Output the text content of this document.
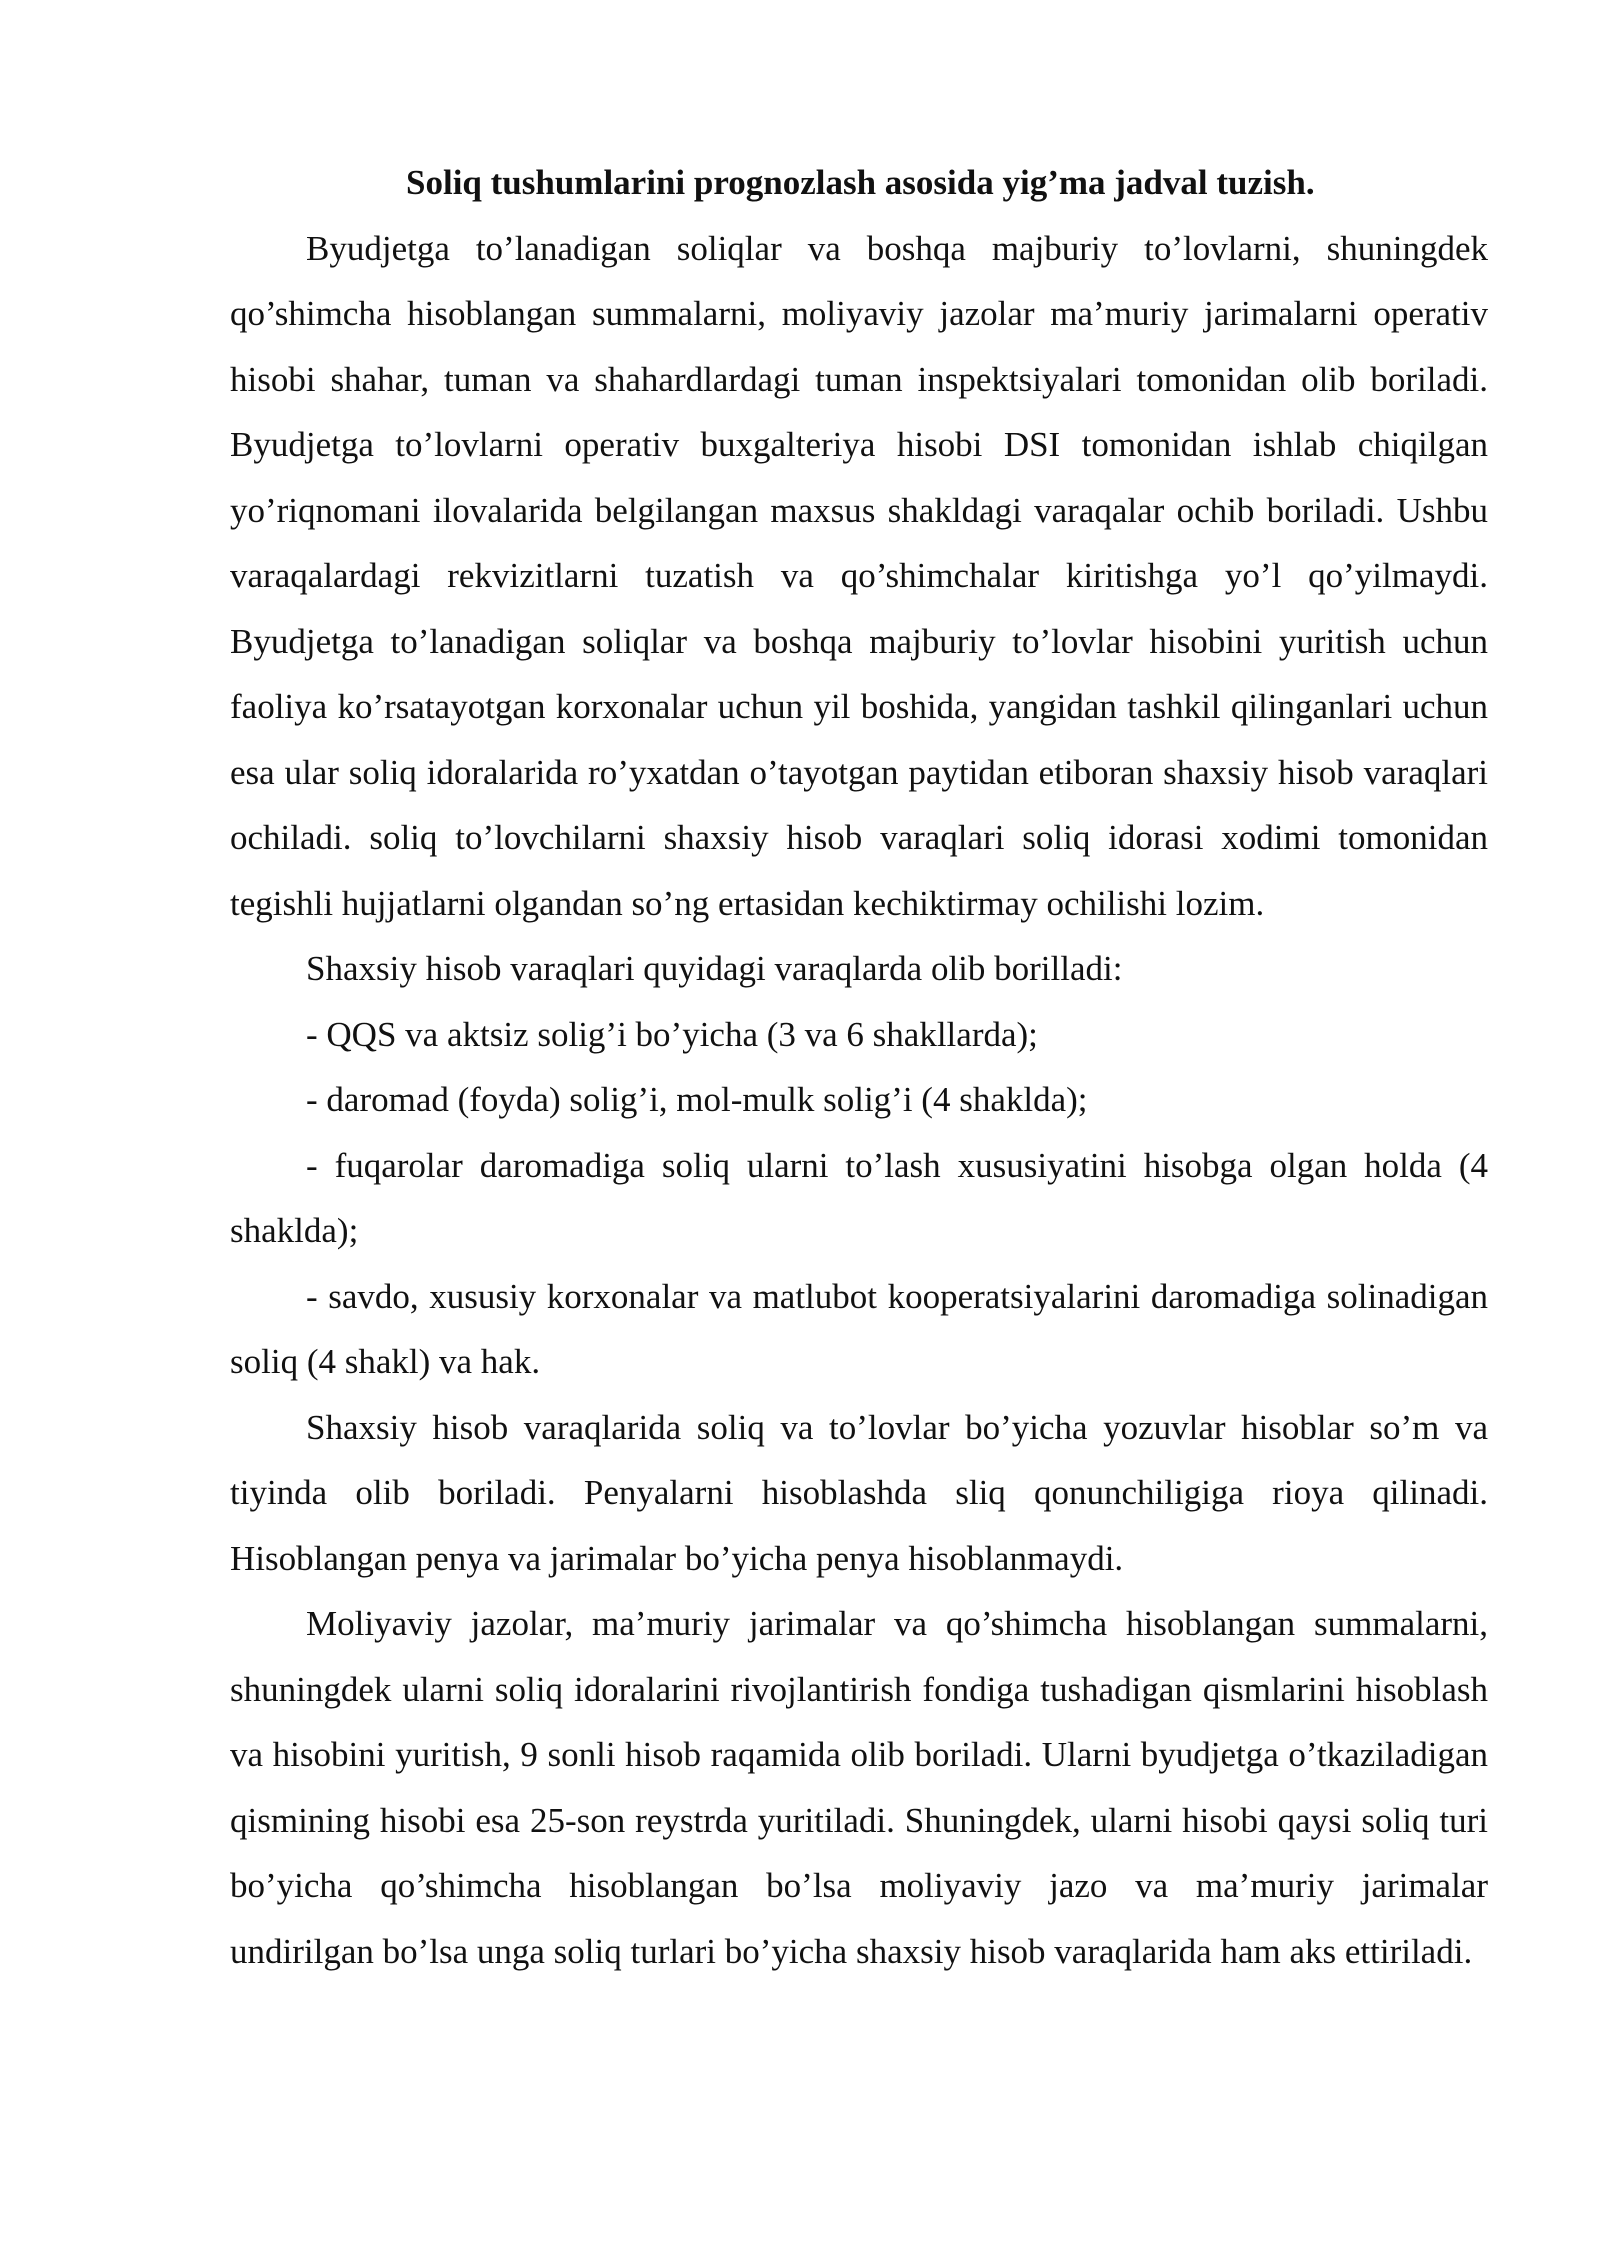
Soliq tushumlarini prognozlash asosida yig’ma jadval tuzish.

Byudjetga to’lanadigan soliqlar va boshqa majburiy to’lovlarni, shuningdek qo’shimcha hisoblangan summalarni, moliyaviy jazolar ma’muriy jarimalarni operativ hisobi shahar, tuman va shahardlardagi tuman inspektsiyalari tomonidan olib boriladi. Byudjetga to’lovlarni operativ buxgalteriya hisobi DSI tomonidan ishlab chiqilgan yo’riqnomani ilovalarida belgilangan maxsus shakldagi varaqalar ochib boriladi. Ushbu varaqalardagi rekvizitlarni tuzatish va qo’shimchalar kiritishga yo’l qo’yilmaydi. Byudjetga to’lanadigan soliqlar va boshqa majburiy to’lovlar hisobini yuritish uchun faoliya ko’rsatayotgan korxonalar uchun yil boshida, yangidan tashkil qilinganlari uchun esa ular soliq idoralarida ro’yxatdan o’tayotgan paytidan etiboran shaxsiy hisob varaqlari ochiladi. soliq to’lovchilarni shaxsiy hisob varaqlari soliq idorasi xodimi tomonidan tegishli hujjatlarni olgandan so’ng ertasidan kechiktirmay ochilishi lozim.

Shaxsiy hisob varaqlari quyidagi varaqlarda olib borilladi:

- QQS va aktsiz solig’i bo’yicha (3 va 6 shakllarda);

- daromad (foyda) solig’i, mol-mulk solig’i (4 shaklda);

- fuqarolar daromadiga soliq ularni to’lash xususiyatini hisobga olgan holda (4 shaklda);

- savdo, xususiy korxonalar va matlubot kooperatsiyalarini daromadiga solinadigan soliq (4 shakl) va hak.

Shaxsiy hisob varaqlarida soliq va to’lovlar bo’yicha yozuvlar hisoblar so’m va tiyinda olib boriladi. Penyalarni hisoblashda sliq qonunchiligiga rioya qilinadi. Hisoblangan penya va jarimalar bo’yicha penya hisoblanmaydi.

Moliyaviy jazolar, ma’muriy jarimalar va qo’shimcha hisoblangan summalarni, shuningdek ularni soliq idoralarini rivojlantirish fondiga tushadigan qismlarini hisoblash va hisobini yuritish, 9 sonli hisob raqamida olib boriladi. Ularni byudjetga o’tkaziladigan qismining hisobi esa 25-son reystrda yuritiladi. Shuningdek, ularni hisobi qaysi soliq turi bo’yicha qo’shimcha hisoblangan bo’lsa moliyaviy jazo va ma’muriy jarimalar undirilgan bo’lsa unga soliq turlari bo’yicha shaxsiy hisob varaqlarida ham aks ettiriladi.
